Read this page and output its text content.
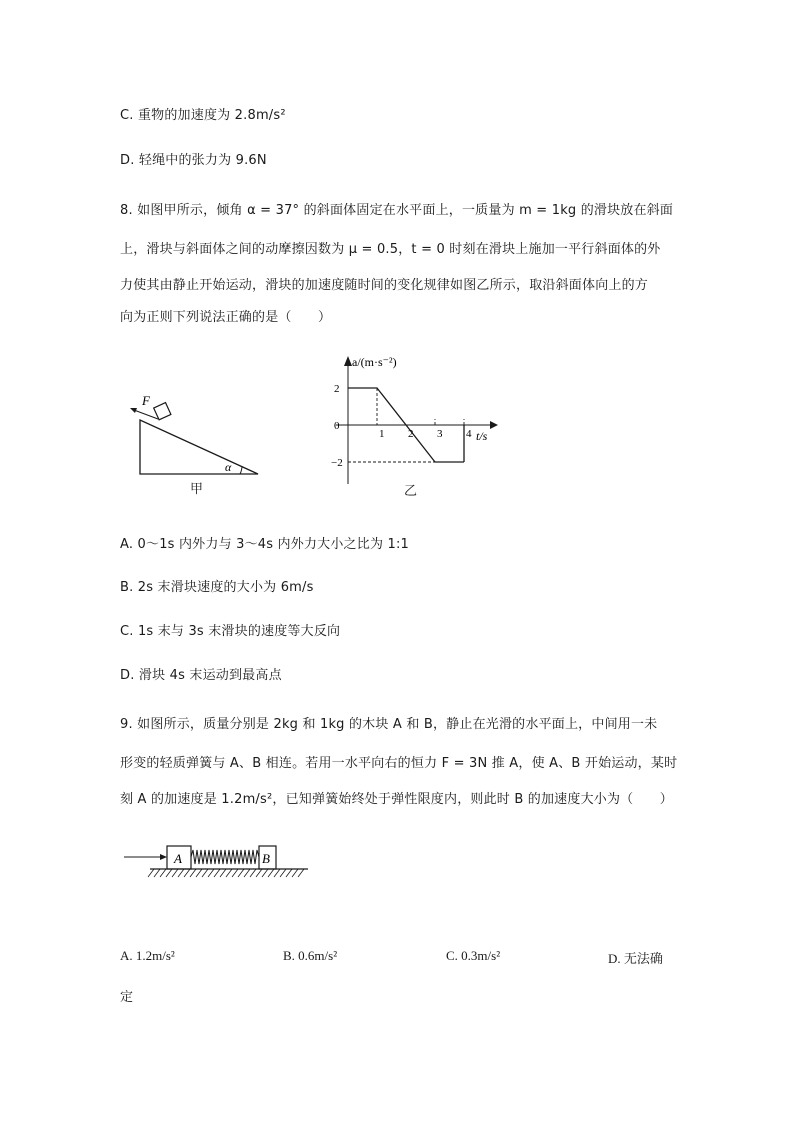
C. 重物的加速度为 2.8m/s²
D. 轻绳中的张力为 9.6N
8. 如图甲所示，倾角 α = 37° 的斜面体固定在水平面上，一质量为 m = 1kg 的滑块放在斜面
上，滑块与斜面体之间的动摩擦因数为 μ = 0.5，t = 0 时刻在滑块上施加一平行斜面体的外
力使其由静止开始运动，滑块的加速度随时间的变化规律如图乙所示，取沿斜面体向上的方
向为正则下列说法正确的是（　　）
F
α
甲
a/(m·s⁻²)
t/s
1 2 3 4
2
0
−2
乙
A. 0～1s 内外力与 3～4s 内外力大小之比为 1:1
B. 2s 末滑块速度的大小为 6m/s
C. 1s 末与 3s 末滑块的速度等大反向
D. 滑块 4s 末运动到最高点
9. 如图所示，质量分别是 2kg 和 1kg 的木块 A 和 B，静止在光滑的水平面上，中间用一未
形变的轻质弹簧与 A、B 相连。若用一水平向右的恒力 F = 3N 推 A，使 A、B 开始运动，某时
刻 A 的加速度是 1.2m/s²，已知弹簧始终处于弹性限度内，则此时 B 的加速度大小为（　　）
A	B
A. 1.2m/s²	B. 0.6m/s²	C. 0.3m/s²	D. 无法确
定
